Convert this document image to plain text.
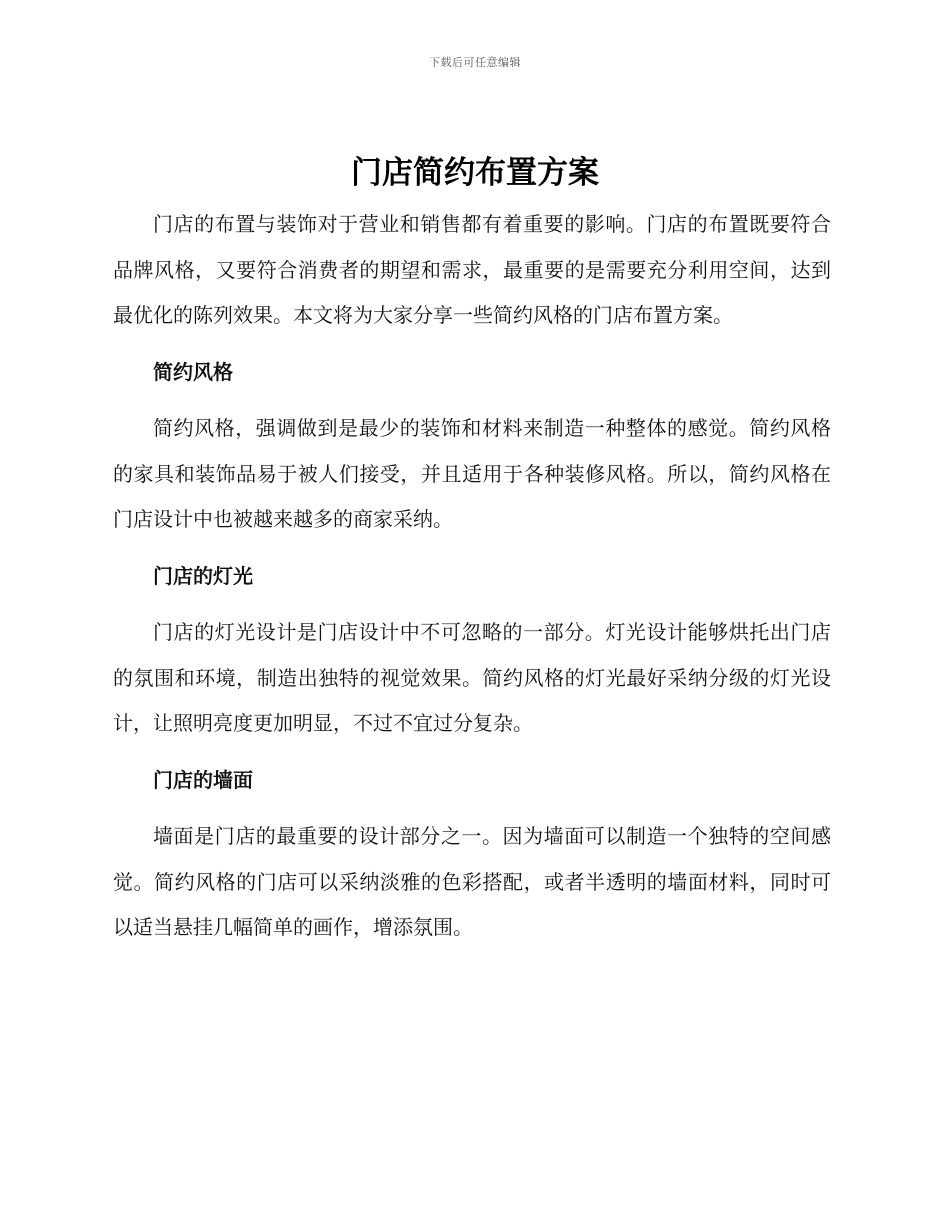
下载后可任意编辑
门店简约布置方案

门店的布置与装饰对于营业和销售都有着重要的影响。门店的布置既要符合品牌风格，又要符合消费者的期望和需求，最重要的是需要充分利用空间，达到最优化的陈列效果。本文将为大家分享一些简约风格的门店布置方案。

简约风格

简约风格，强调做到是最少的装饰和材料来制造一种整体的感觉。简约风格的家具和装饰品易于被人们接受，并且适用于各种装修风格。所以，简约风格在门店设计中也被越来越多的商家采纳。

门店的灯光

门店的灯光设计是门店设计中不可忽略的一部分。灯光设计能够烘托出门店的氛围和环境，制造出独特的视觉效果。简约风格的灯光最好采纳分级的灯光设计，让照明亮度更加明显，不过不宜过分复杂。

门店的墙面

墙面是门店的最重要的设计部分之一。因为墙面可以制造一个独特的空间感觉。简约风格的门店可以采纳淡雅的色彩搭配，或者半透明的墙面材料，同时可以适当悬挂几幅简单的画作，增添氛围。
